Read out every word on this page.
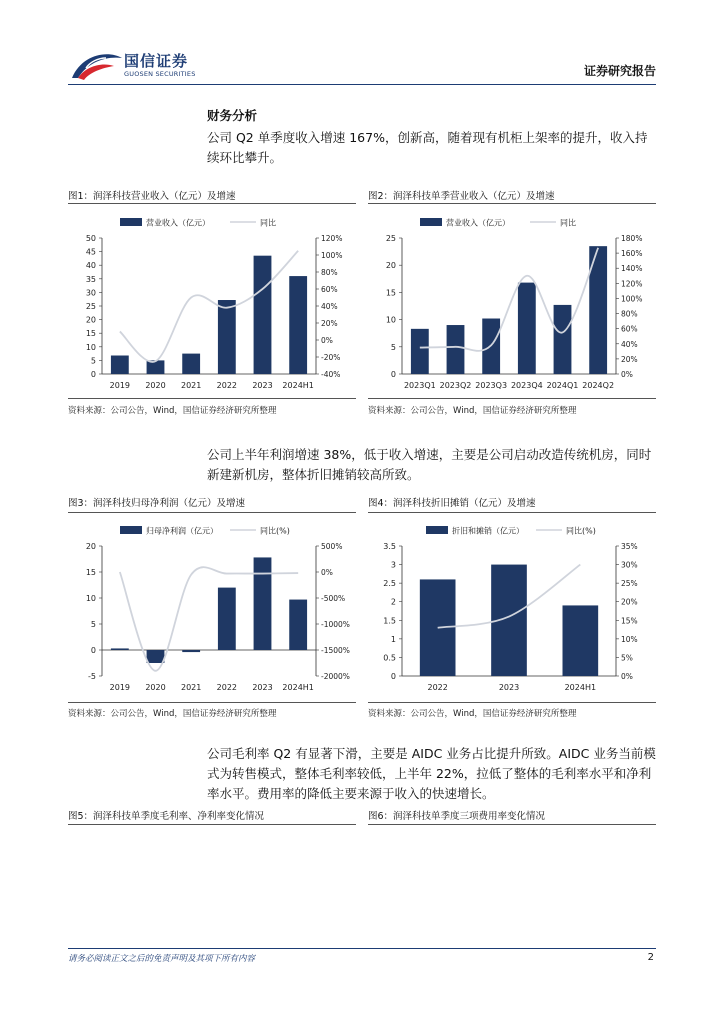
国信证券
GUOSEN SECURITIES	证券研究报告
财务分析
公司 Q2 单季度收入增速 167%，创新高，随着现有机柜上架率的提升，收入持续环比攀升。
图1：润泽科技营业收入（亿元）及增速	图2：润泽科技单季营业收入（亿元）及增速
营业收入（亿元）	同比
0
5
10
15
20
25
30
35
40
45
50
-40%
-20%
0%
20%
40%
60%
80%
100%
120%
2019 2020 2021 2022 2023 2024H1
营业收入（亿元）	同比
0
5
10
15
20
25
0%
20%
40%
60%
80%
100%
120%
140%
160%
180%
2023Q1 2023Q2 2023Q3 2023Q4 2024Q1 2024Q2
资料来源：公司公告，Wind，国信证券经济研究所整理	资料来源：公司公告，Wind，国信证券经济研究所整理
公司上半年利润增速 38%，低于收入增速，主要是公司启动改造传统机房，同时新建新机房，整体折旧摊销较高所致。
图3：润泽科技归母净利润（亿元）及增速	图4：润泽科技折旧摊销（亿元）及增速
归母净利润（亿元）	同比(%)
-5
0
5
10
15
20
-2000%
-1500%
-1000%
-500%
0%
500%
2019 2020 2021 2022 2023 2024H1
折旧和摊销（亿元）	同比(%)
0
0.5
1
1.5
2
2.5
3
3.5
0%
5%
10%
15%
20%
25%
30%
35%
2022	2023	2024H1
资料来源：公司公告，Wind，国信证券经济研究所整理	资料来源：公司公告，Wind，国信证券经济研究所整理
公司毛利率 Q2 有显著下滑，主要是 AIDC 业务占比提升所致。AIDC 业务当前模式为转售模式，整体毛利率较低，上半年 22%，拉低了整体的毛利率水平和净利率水平。费用率的降低主要来源于收入的快速增长。
图5：润泽科技单季度毛利率、净利率变化情况	图6：润泽科技单季度三项费用率变化情况
请务必阅读正文之后的免责声明及其项下所有内容	2
